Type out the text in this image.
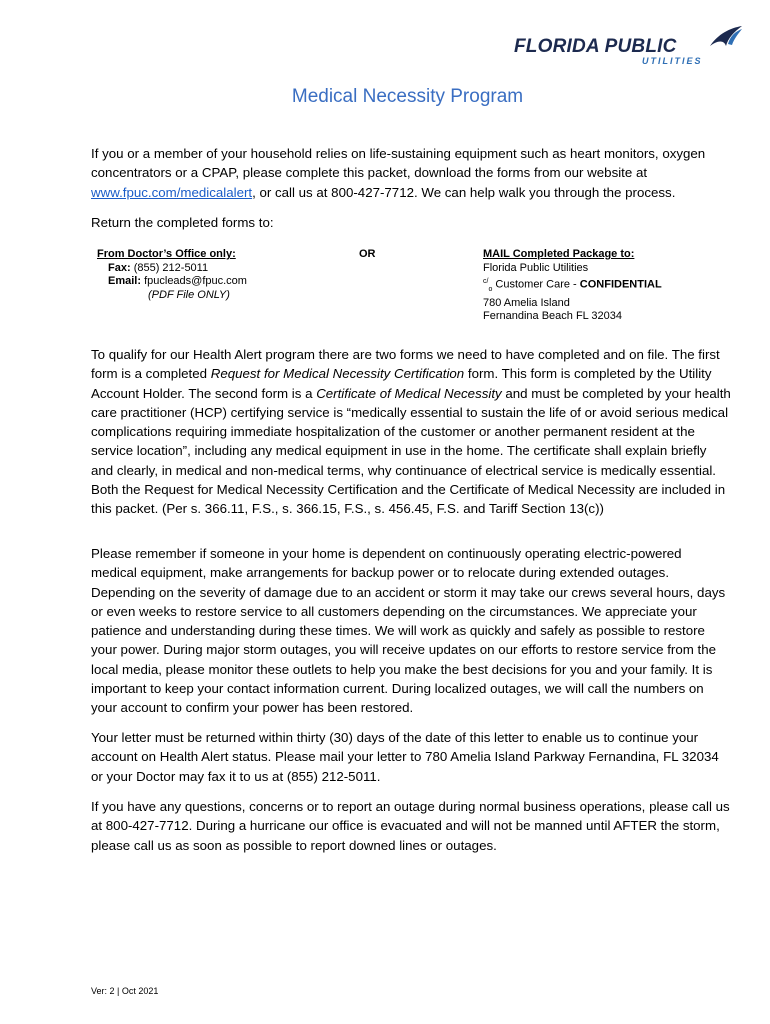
FLORIDA PUBLIC
UTILITIES
Medical Necessity Program

If you or a member of your household relies on life-sustaining equipment such as heart monitors, oxygen concentrators or a CPAP, please complete this packet, download the forms from our website at www.fpuc.com/medicalalert, or call us at 800-427-7712. We can help walk you through the process.

Return the completed forms to:

From Doctor’s Office only:
Fax: (855) 212-5011
Email: fpucleads@fpuc.com
(PDF File ONLY)
OR	MAIL Completed Package to:
Florida Public Utilities
$^{c/}_o$ Customer Care - CONFIDENTIAL
780 Amelia Island
Fernandina Beach FL 32034

To qualify for our Health Alert program there are two forms we need to have completed and on file. The first form is a completed Request for Medical Necessity Certification form. This form is completed by the Utility Account Holder. The second form is a Certificate of Medical Necessity and must be completed by your health care practitioner (HCP) certifying service is “medically essential to sustain the life of or avoid serious medical complications requiring immediate hospitalization of the customer or another permanent resident at the service location”, including any medical equipment in use in the home. The certificate shall explain briefly and clearly, in medical and non-medical terms, why continuance of electrical service is medically essential. Both the Request for Medical Necessity Certification and the Certificate of Medical Necessity are included in this packet. (Per s. 366.11, F.S., s. 366.15, F.S., s. 456.45, F.S. and Tariff Section 13(c))

Please remember if someone in your home is dependent on continuously operating electric-powered medical equipment, make arrangements for backup power or to relocate during extended outages. Depending on the severity of damage due to an accident or storm it may take our crews several hours, days or even weeks to restore service to all customers depending on the circumstances. We appreciate your patience and understanding during these times. We will work as quickly and safely as possible to restore your power. During major storm outages, you will receive updates on our efforts to restore service from the local media, please monitor these outlets to help you make the best decisions for you and your family. It is important to keep your contact information current. During localized outages, we will call the numbers on your account to confirm your power has been restored.

Your letter must be returned within thirty (30) days of the date of this letter to enable us to continue your account on Health Alert status. Please mail your letter to 780 Amelia Island Parkway Fernandina, FL 32034 or your Doctor may fax it to us at (855) 212-5011.

If you have any questions, concerns or to report an outage during normal business operations, please call us at 800-427-7712. During a hurricane our office is evacuated and will not be manned until AFTER the storm, please call us as soon as possible to report downed lines or outages.

Ver: 2 | Oct 2021
